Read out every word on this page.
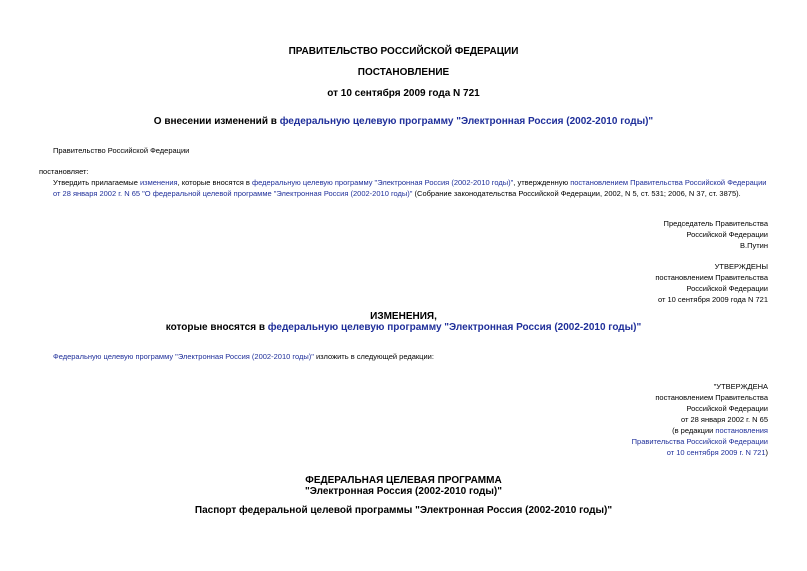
ПРАВИТЕЛЬСТВО РОССИЙСКОЙ ФЕДЕРАЦИИ
ПОСТАНОВЛЕНИЕ
от 10 сентября 2009 года N 721
О внесении изменений в федеральную целевую программу "Электронная Россия (2002-2010 годы)"
Правительство Российской Федерации
постановляет:
Утвердить прилагаемые изменения, которые вносятся в федеральную целевую программу "Электронная Россия (2002-2010 годы)", утвержденную постановлением Правительства Российской Федерации от 28 января 2002 г. N 65 "О федеральной целевой программе "Электронная Россия (2002-2010 годы)" (Собрание законодательства Российской Федерации, 2002, N 5, ст. 531; 2006, N 37, ст. 3875).
Председатель Правительства
Российской Федерации
В.Путин
УТВЕРЖДЕНЫ
постановлением Правительства
Российской Федерации
от 10 сентября 2009 года N 721
ИЗМЕНЕНИЯ,
которые вносятся в федеральную целевую программу "Электронная Россия (2002-2010 годы)"
Федеральную целевую программу "Электронная Россия (2002-2010 годы)" изложить в следующей редакции:
"УТВЕРЖДЕНА
постановлением Правительства
Российской Федерации
от 28 января 2002 г. N 65
(в редакции постановления
Правительства Российской Федерации
от 10 сентября 2009 г. N 721)
ФЕДЕРАЛЬНАЯ ЦЕЛЕВАЯ ПРОГРАММА
"Электронная Россия (2002-2010 годы)"
Паспорт федеральной целевой программы "Электронная Россия (2002-2010 годы)"
